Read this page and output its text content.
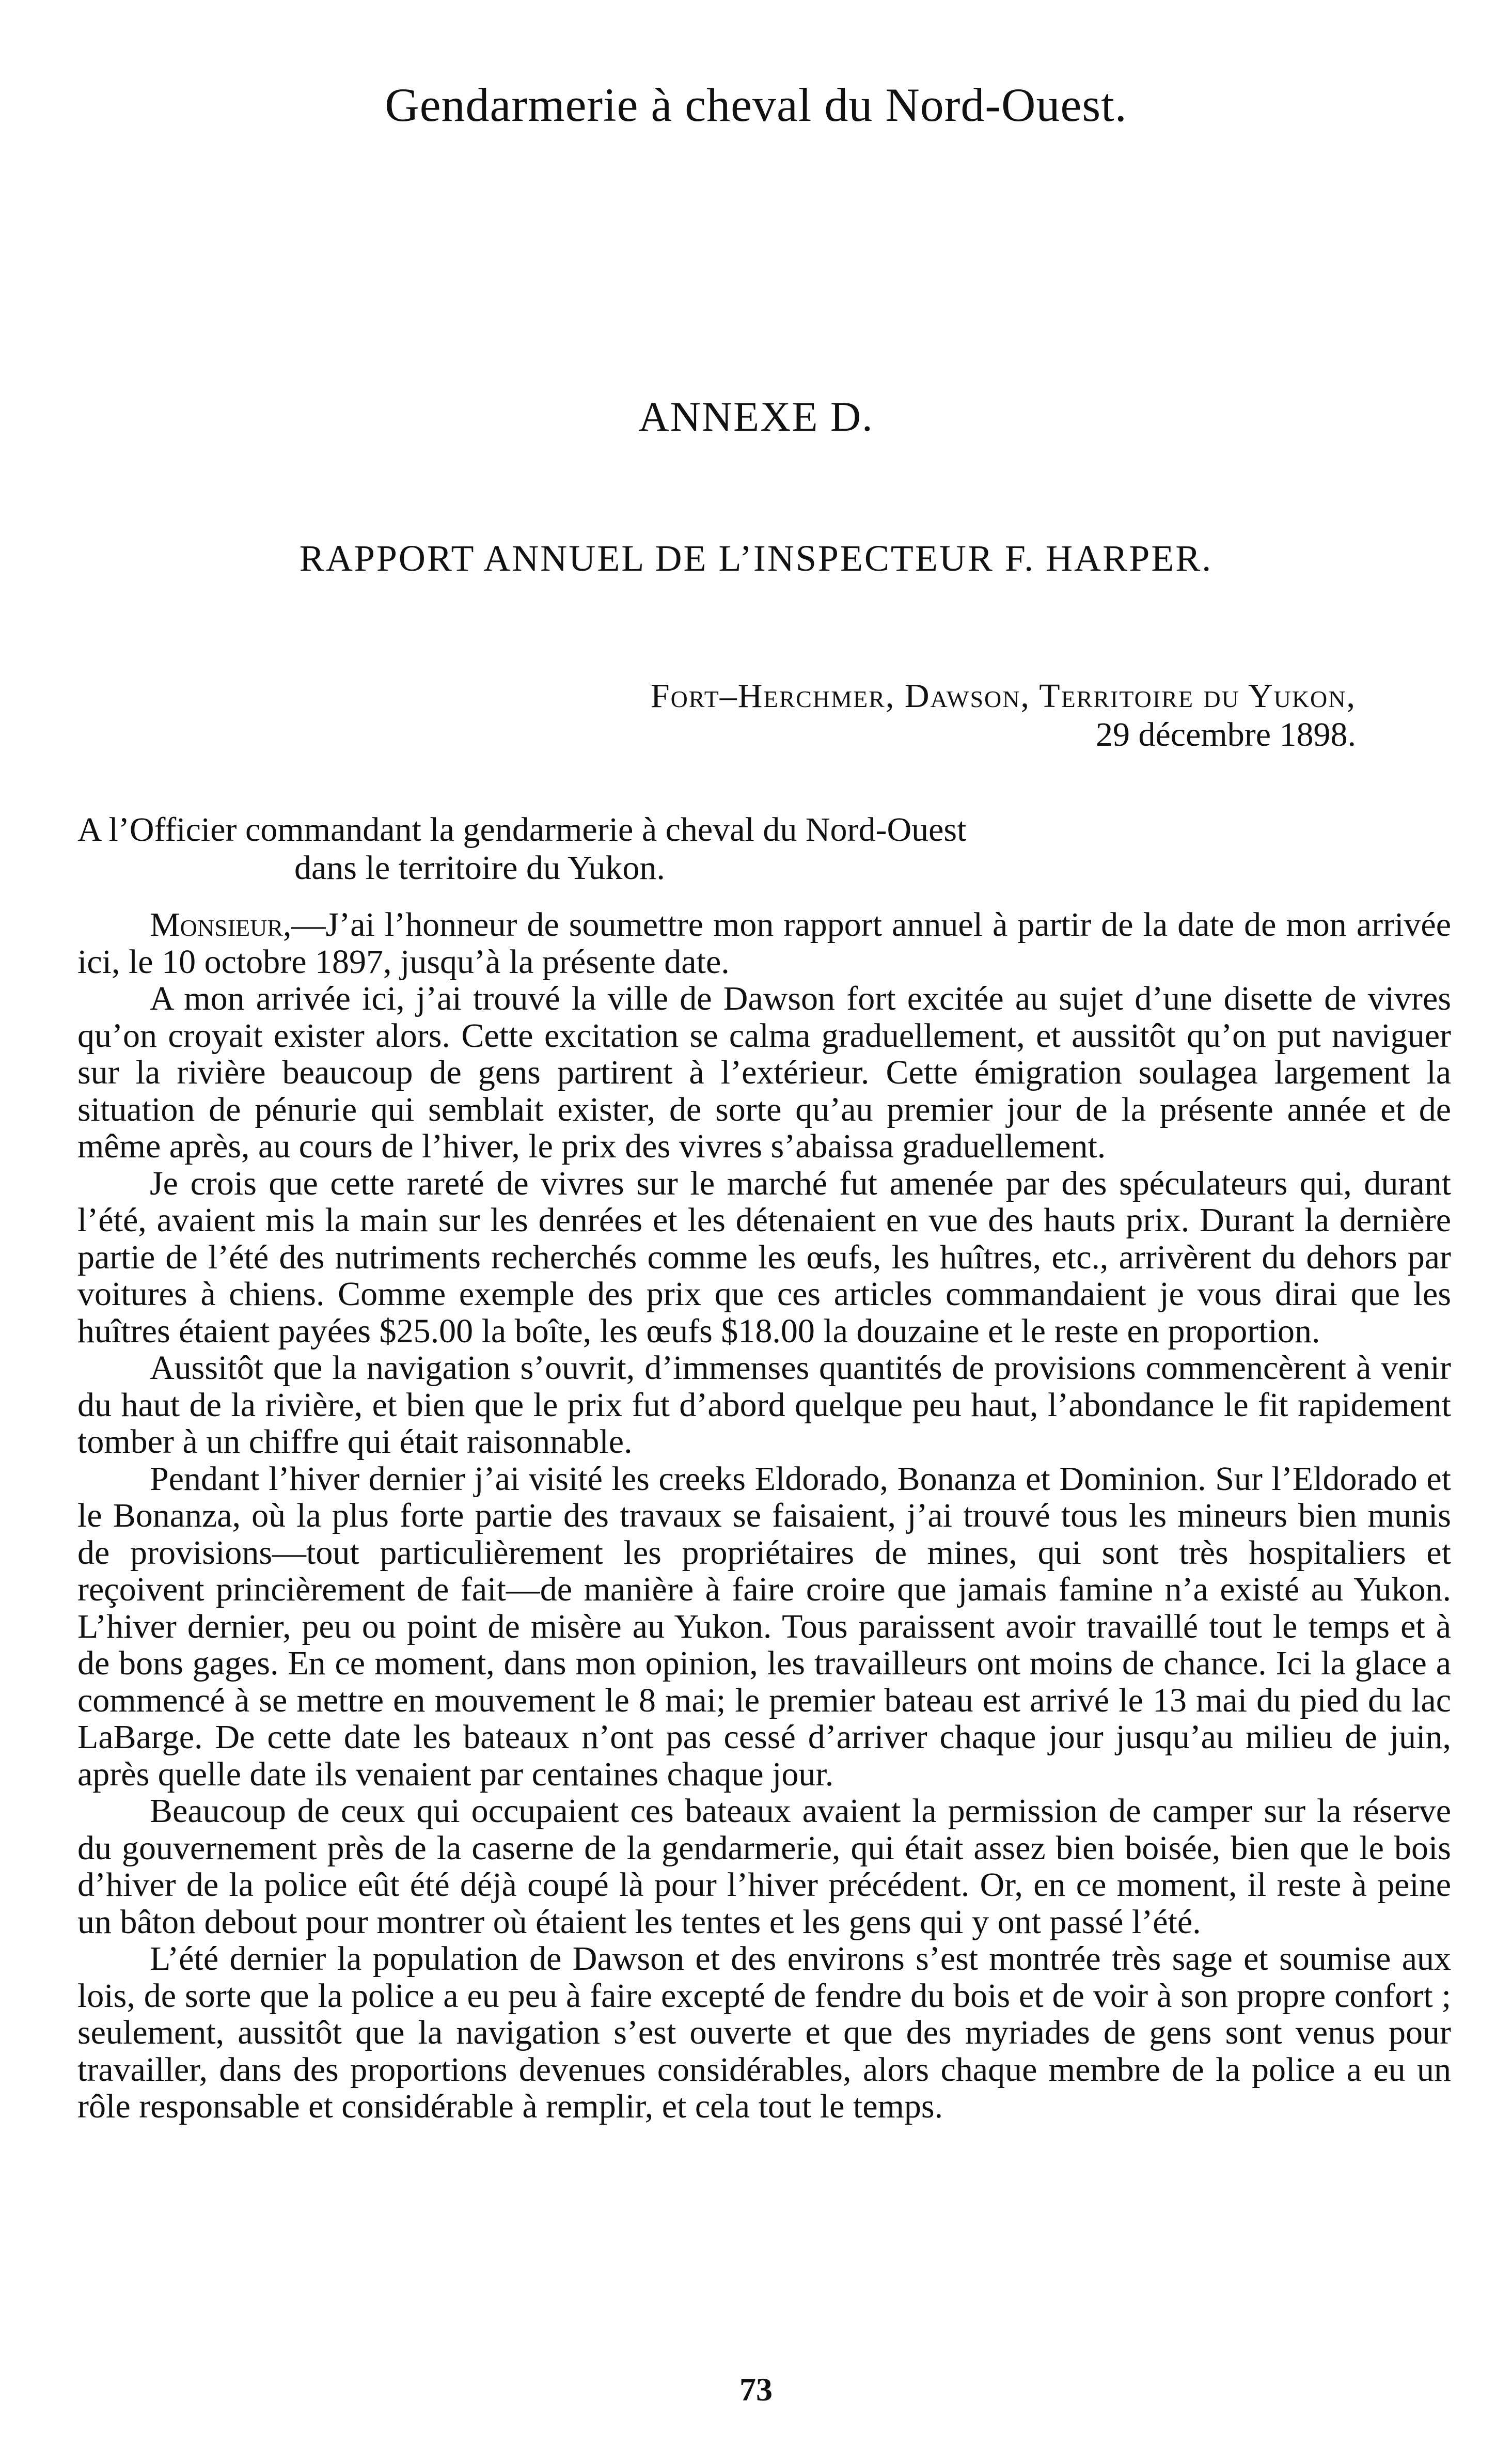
Gendarmerie à cheval du Nord-Ouest.
ANNEXE D.
RAPPORT ANNUEL DE L’INSPECTEUR F. HARPER.
Fort–Herchmer, Dawson, Territoire du Yukon,
29 décembre 1898.
A l’Officier commandant la gendarmerie à cheval du Nord-Ouest
dans le territoire du Yukon.

Monsieur,—J’ai l’honneur de soumettre mon rapport annuel à partir de la date de mon arrivée ici, le 10 octobre 1897, jusqu’à la présente date.

A mon arrivée ici, j’ai trouvé la ville de Dawson fort excitée au sujet d’une disette de vivres qu’on croyait exister alors. Cette excitation se calma graduellement, et aussitôt qu’on put naviguer sur la rivière beaucoup de gens partirent à l’extérieur. Cette émigration soulagea largement la situation de pénurie qui semblait exister, de sorte qu’au premier jour de la présente année et de même après, au cours de l’hiver, le prix des vivres s’abaissa graduellement.

Je crois que cette rareté de vivres sur le marché fut amenée par des spéculateurs qui, durant l’été, avaient mis la main sur les denrées et les détenaient en vue des hauts prix. Durant la dernière partie de l’été des nutriments recherchés comme les œufs, les huîtres, etc., arrivèrent du dehors par voitures à chiens. Comme exemple des prix que ces articles commandaient je vous dirai que les huîtres étaient payées $25.00 la boîte, les œufs $18.00 la douzaine et le reste en proportion.

Aussitôt que la navigation s’ouvrit, d’immenses quantités de provisions commencèrent à venir du haut de la rivière, et bien que le prix fut d’abord quelque peu haut, l’abondance le fit rapidement tomber à un chiffre qui était raisonnable.

Pendant l’hiver dernier j’ai visité les creeks Eldorado, Bonanza et Dominion. Sur l’Eldorado et le Bonanza, où la plus forte partie des travaux se faisaient, j’ai trouvé tous les mineurs bien munis de provisions—tout particulièrement les propriétaires de mines, qui sont très hospitaliers et reçoivent princièrement de fait—de manière à faire croire que jamais famine n’a existé au Yukon. L’hiver dernier, peu ou point de misère au Yukon. Tous paraissent avoir travaillé tout le temps et à de bons gages. En ce moment, dans mon opinion, les travailleurs ont moins de chance. Ici la glace a commencé à se mettre en mouvement le 8 mai; le premier bateau est arrivé le 13 mai du pied du lac LaBarge. De cette date les bateaux n’ont pas cessé d’arriver chaque jour jusqu’au milieu de juin, après quelle date ils venaient par centaines chaque jour.

Beaucoup de ceux qui occupaient ces bateaux avaient la permission de camper sur la réserve du gouvernement près de la caserne de la gendarmerie, qui était assez bien boisée, bien que le bois d’hiver de la police eût été déjà coupé là pour l’hiver précédent. Or, en ce moment, il reste à peine un bâton debout pour montrer où étaient les tentes et les gens qui y ont passé l’été.

L’été dernier la population de Dawson et des environs s’est montrée très sage et soumise aux lois, de sorte que la police a eu peu à faire excepté de fendre du bois et de voir à son propre confort ; seulement, aussitôt que la navigation s’est ouverte et que des myriades de gens sont venus pour travailler, dans des proportions devenues considérables, alors chaque membre de la police a eu un rôle responsable et considérable à remplir, et cela tout le temps.

73
